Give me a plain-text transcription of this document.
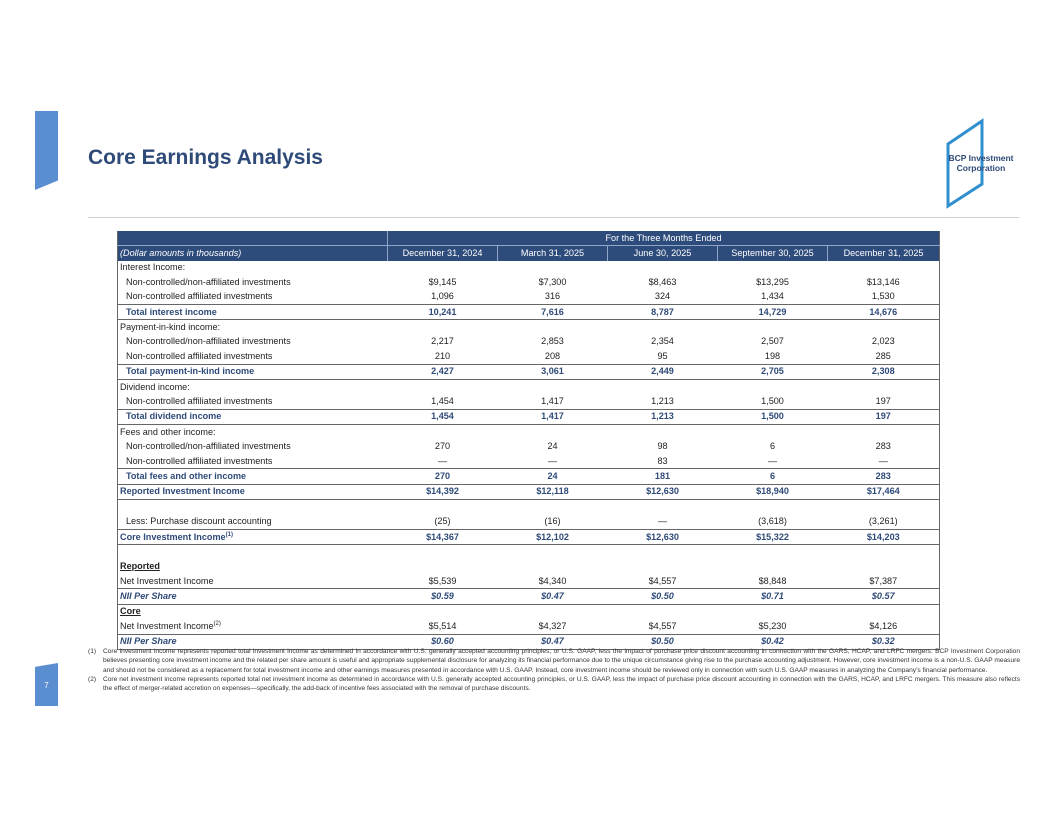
7
Core Earnings Analysis	BCP Investment
Corporation
	For the Three Months Ended				
(Dollar amounts in thousands)	December 31, 2024	March 31, 2025	June 30, 2025	September 30, 2025	December 31, 2025
Interest Income:					
Non-controlled/non-affiliated investments	$9,145	$7,300	$8,463	$13,295	$13,146
Non-controlled affiliated investments	1,096	316	324	1,434	1,530
Total interest income	10,241	7,616	8,787	14,729	14,676
Payment-in-kind income:					
Non-controlled/non-affiliated investments	2,217	2,853	2,354	2,507	2,023
Non-controlled affiliated investments	210	208	95	198	285
Total payment-in-kind income	2,427	3,061	2,449	2,705	2,308
Dividend income:					
Non-controlled affiliated investments	1,454	1,417	1,213	1,500	197
Total dividend income	1,454	1,417	1,213	1,500	197
Fees and other income:					
Non-controlled/non-affiliated investments	270	24	98	6	283
Non-controlled affiliated investments	—	—	83	—	—
Total fees and other income	270	24	181	6	283
Reported Investment Income	$14,392	$12,118	$12,630	$18,940	$17,464

Less: Purchase discount accounting	(25)	(16)	—	(3,618)	(3,261)
Core Investment Income$^{(1)}$	$14,367	$12,102	$12,630	$15,322	$14,203

Reported					
Net Investment Income	$5,539	$4,340	$4,557	$8,848	$7,387
NII Per Share	$0.59	$0.47	$0.50	$0.71	$0.57
Core					
Net Investment Income$^{(2)}$	$5,514	$4,327	$4,557	$5,230	$4,126
NII Per Share	$0.60	$0.47	$0.50	$0.42	$0.32
(1)	Core investment income represents reported total investment income as determined in accordance with U.S. generally accepted accounting principles, or U.S. GAAP, less the impact of purchase price discount accounting in connection with the GARS, HCAP, and LRFC mergers. BCP Investment Corporation believes presenting core investment income and the related per share amount is useful and appropriate supplemental disclosure for analyzing its financial performance due to the unique circumstance giving rise to the purchase accounting adjustment. However, core investment income is a non-U.S. GAAP measure and should not be considered as a replacement for total investment income and other earnings measures presented in accordance with U.S. GAAP. Instead, core investment income should be reviewed only in connection with such U.S. GAAP measures in analyzing the Company’s financial performance.
(2)	Core net investment income represents reported total net investment income as determined in accordance with U.S. generally accepted accounting principles, or U.S. GAAP, less the impact of purchase price discount accounting in connection with the GARS, HCAP, and LRFC mergers. This measure also reflects the effect of merger-related accretion on expenses—specifically, the add-back of incentive fees associated with the removal of purchase discounts.
